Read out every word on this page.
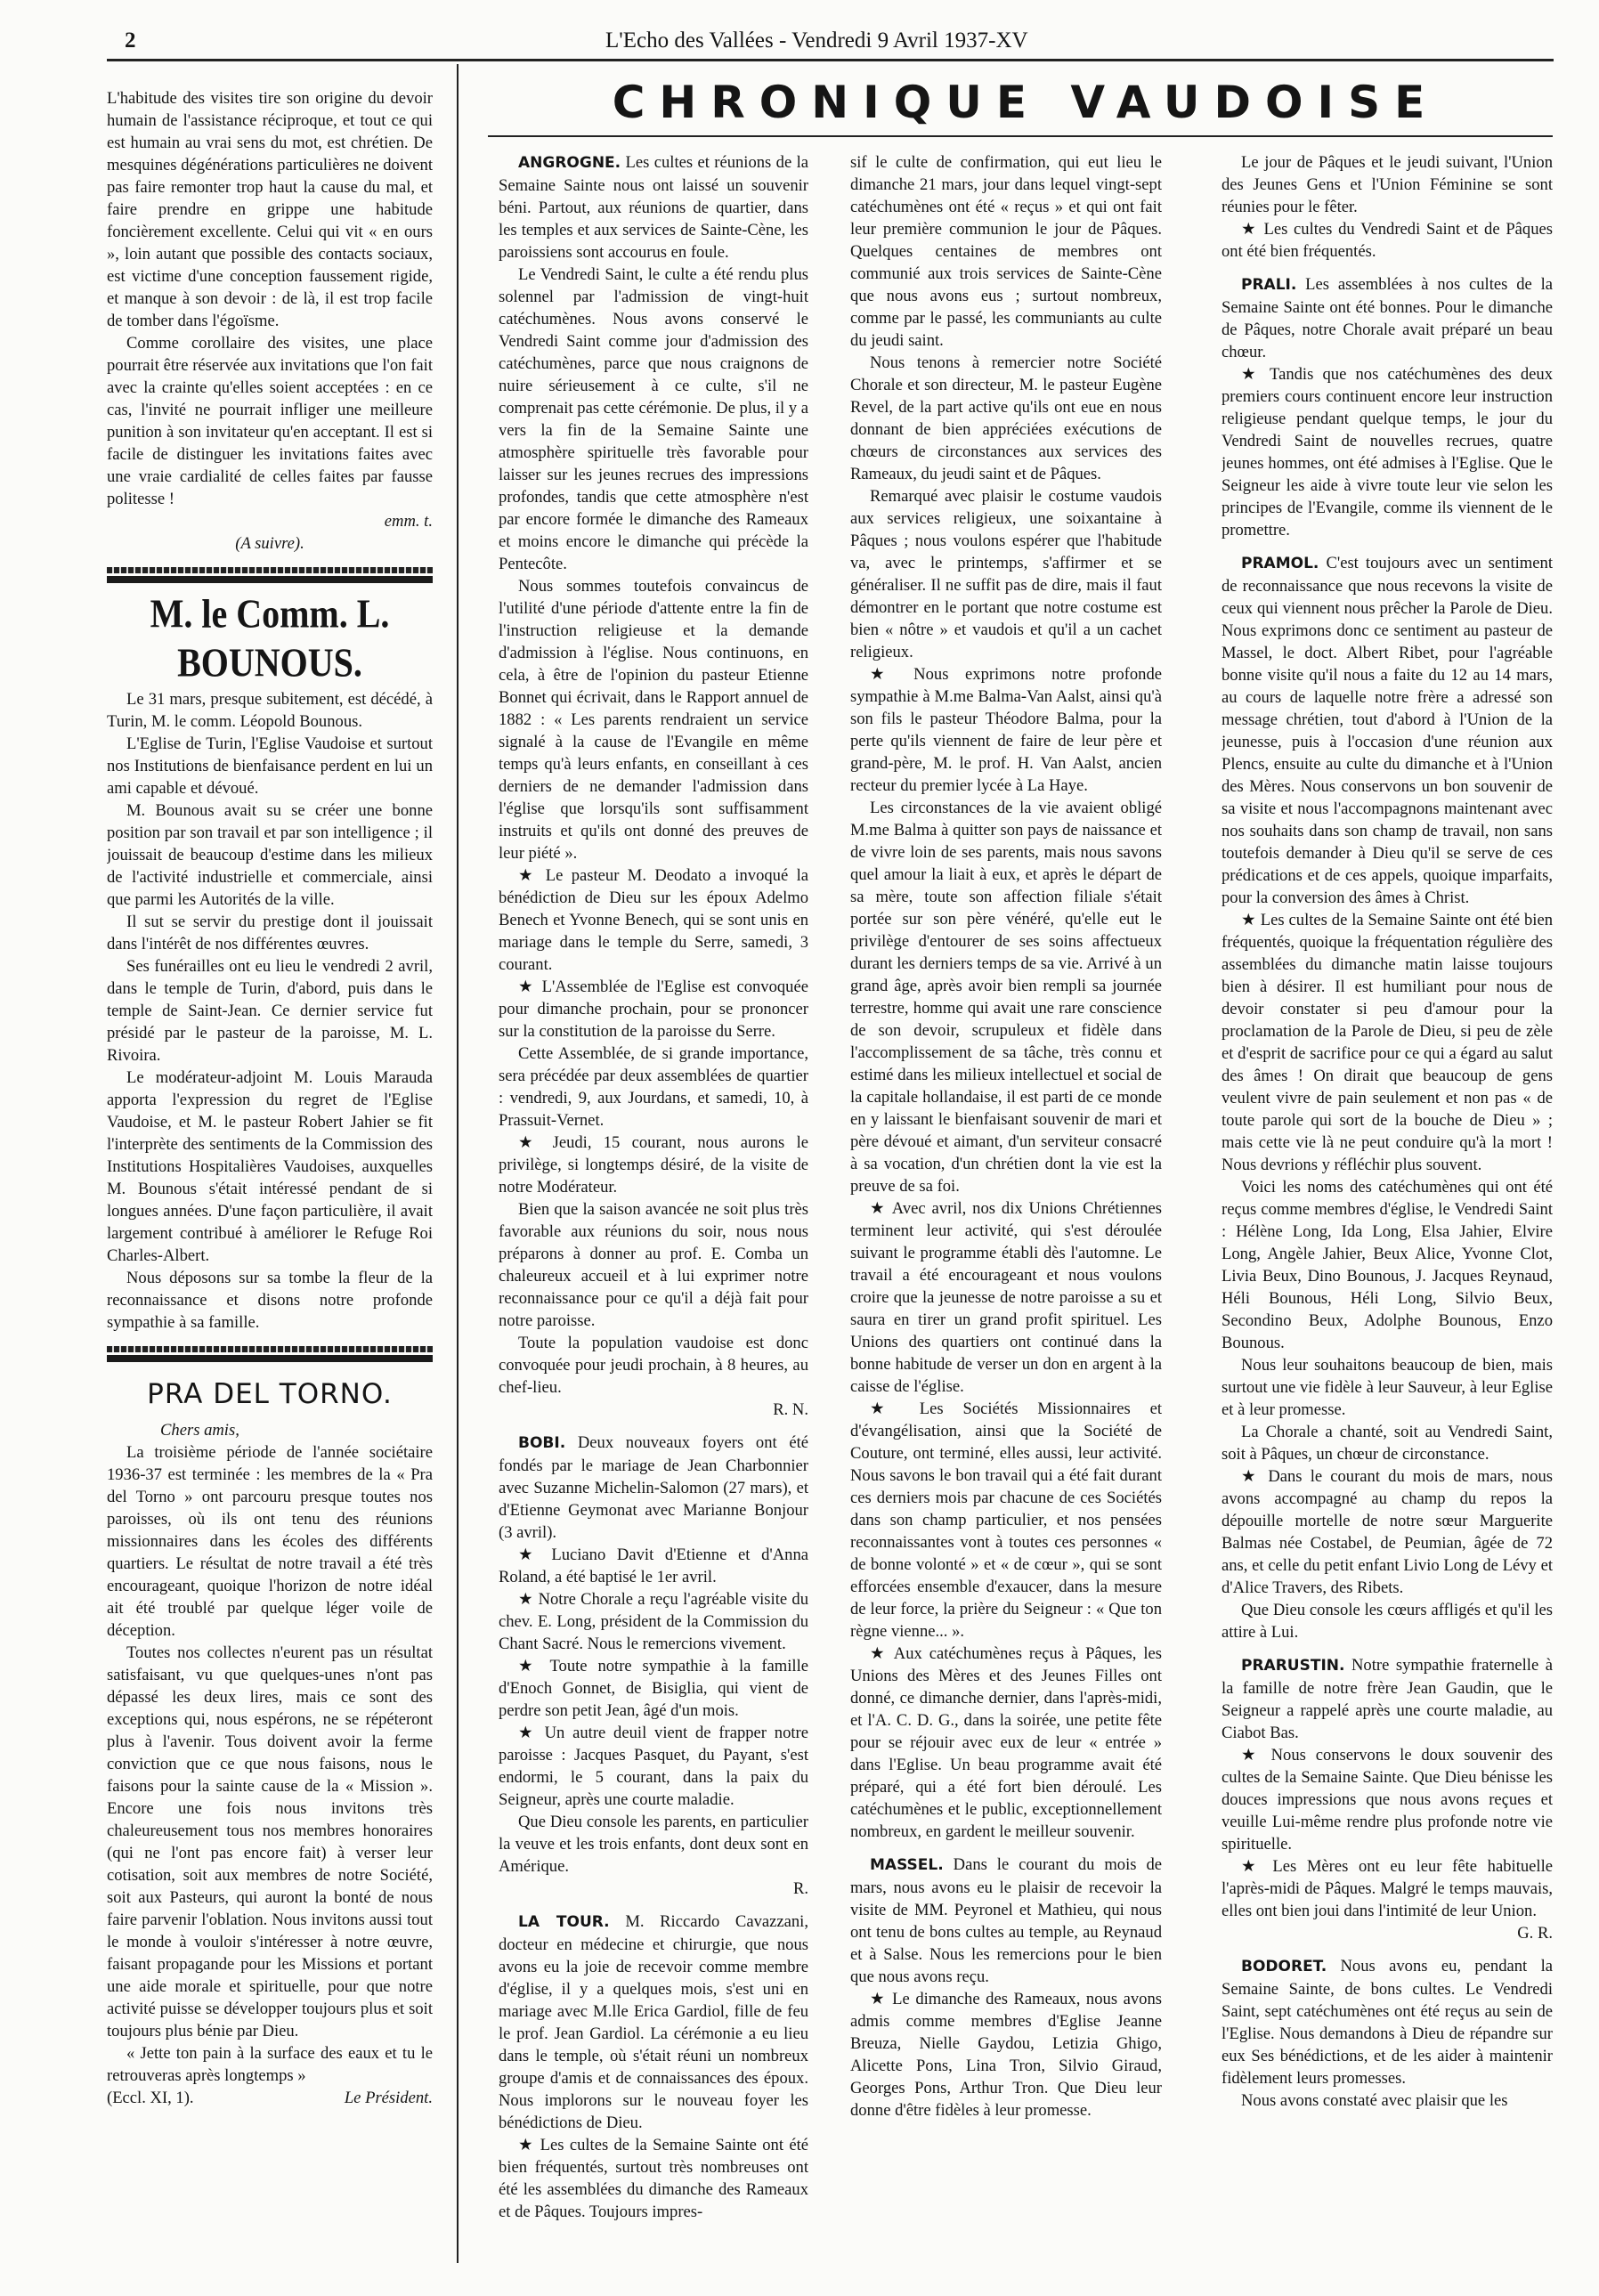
2	L'Echo des Vallées - Vendredi 9 Avril 1937-XV

L'habitude des visites tire son origine du devoir humain de l'assistance réciproque, et tout ce qui est humain au vrai sens du mot, est chrétien. De mesquines dégénérations particulières ne doivent pas faire remonter trop haut la cause du mal, et faire prendre en grippe une habitude foncièrement excellente. Celui qui vit « en ours », loin autant que possible des contacts sociaux, est victime d'une conception faussement rigide, et manque à son devoir : de là, il est trop facile de tomber dans l'égoïsme.

Comme corollaire des visites, une place pourrait être réservée aux invitations que l'on fait avec la crainte qu'elles soient acceptées : en ce cas, l'invité ne pourrait infliger une meilleure punition à son invitateur qu'en acceptant. Il est si facile de distinguer les invitations faites avec une vraie cardialité de celles faites par fausse politesse !

emm. t.
(A suivre).
M. le Comm. L. BOUNOUS.

Le 31 mars, presque subitement, est décédé, à Turin, M. le comm. Léopold Bounous.

L'Eglise de Turin, l'Eglise Vaudoise et surtout nos Institutions de bienfaisance perdent en lui un ami capable et dévoué.

M. Bounous avait su se créer une bonne position par son travail et par son intelligence ; il jouissait de beaucoup d'estime dans les milieux de l'activité industrielle et commerciale, ainsi que parmi les Autorités de la ville.

Il sut se servir du prestige dont il jouissait dans l'intérêt de nos différentes œuvres.

Ses funérailles ont eu lieu le vendredi 2 avril, dans le temple de Turin, d'abord, puis dans le temple de Saint-Jean. Ce dernier service fut présidé par le pasteur de la paroisse, M. L. Rivoira.

Le modérateur-adjoint M. Louis Marauda apporta l'expression du regret de l'Eglise Vaudoise, et M. le pasteur Robert Jahier se fit l'interprète des sentiments de la Commission des Institutions Hospitalières Vaudoises, auxquelles M. Bounous s'était intéressé pendant de si longues années. D'une façon particulière, il avait largement contribué à améliorer le Refuge Roi Charles-Albert.

Nous déposons sur sa tombe la fleur de la reconnaissance et disons notre profonde sympathie à sa famille.

PRA DEL TORNO.
Chers amis,

La troisième période de l'année sociétaire 1936-37 est terminée : les membres de la « Pra del Torno » ont parcouru presque toutes nos paroisses, où ils ont tenu des réunions missionnaires dans les écoles des différents quartiers. Le résultat de notre travail a été très encourageant, quoique l'horizon de notre idéal ait été troublé par quelque léger voile de déception.

Toutes nos collectes n'eurent pas un résultat satisfaisant, vu que quelques-unes n'ont pas dépassé les deux lires, mais ce sont des exceptions qui, nous espérons, ne se répéteront plus à l'avenir. Tous doivent avoir la ferme conviction que ce que nous faisons, nous le faisons pour la sainte cause de la « Mission ». Encore une fois nous invitons très chaleureusement tous nos membres honoraires (qui ne l'ont pas encore fait) à verser leur cotisation, soit aux membres de notre Société, soit aux Pasteurs, qui auront la bonté de nous faire parvenir l'oblation. Nous invitons aussi tout le monde à vouloir s'intéresser à notre œuvre, faisant propagande pour les Missions et portant une aide morale et spirituelle, pour que notre activité puisse se développer toujours plus et soit toujours plus bénie par Dieu.

« Jette ton pain à la surface des eaux et tu le retrouveras après longtemps »

(Eccl. XI, 1).	Le Président.
CHRONIQUE VAUDOISE

ANGROGNE. Les cultes et réunions de la Semaine Sainte nous ont laissé un souvenir béni. Partout, aux réunions de quartier, dans les temples et aux services de Sainte-Cène, les paroissiens sont accourus en foule.

Le Vendredi Saint, le culte a été rendu plus solennel par l'admission de vingt-huit catéchumènes. Nous avons conservé le Vendredi Saint comme jour d'admission des catéchumènes, parce que nous craignons de nuire sérieusement à ce culte, s'il ne comprenait pas cette cérémonie. De plus, il y a vers la fin de la Semaine Sainte une atmosphère spirituelle très favorable pour laisser sur les jeunes recrues des impressions profondes, tandis que cette atmosphère n'est par encore formée le dimanche des Rameaux et moins encore le dimanche qui précède la Pentecôte.

Nous sommes toutefois convaincus de l'utilité d'une période d'attente entre la fin de l'instruction religieuse et la demande d'admission à l'église. Nous continuons, en cela, à être de l'opinion du pasteur Etienne Bonnet qui écrivait, dans le Rapport annuel de 1882 : « Les parents rendraient un service signalé à la cause de l'Evangile en même temps qu'à leurs enfants, en conseillant à ces derniers de ne demander l'admission dans l'église que lorsqu'ils sont suffisamment instruits et qu'ils ont donné des preuves de leur piété ».

★ Le pasteur M. Deodato a invoqué la bénédiction de Dieu sur les époux Adelmo Benech et Yvonne Benech, qui se sont unis en mariage dans le temple du Serre, samedi, 3 courant.

★ L'Assemblée de l'Eglise est convoquée pour dimanche prochain, pour se prononcer sur la constitution de la paroisse du Serre.

Cette Assemblée, de si grande importance, sera précédée par deux assemblées de quartier : vendredi, 9, aux Jourdans, et samedi, 10, à Prassuit-Vernet.

★ Jeudi, 15 courant, nous aurons le privilège, si longtemps désiré, de la visite de notre Modérateur.

Bien que la saison avancée ne soit plus très favorable aux réunions du soir, nous nous préparons à donner au prof. E. Comba un chaleureux accueil et à lui exprimer notre reconnaissance pour ce qu'il a déjà fait pour notre paroisse.

Toute la population vaudoise est donc convoquée pour jeudi prochain, à 8 heures, au chef-lieu.

R. N.

BOBI. Deux nouveaux foyers ont été fondés par le mariage de Jean Charbonnier avec Suzanne Michelin-Salomon (27 mars), et d'Etienne Geymonat avec Marianne Bonjour (3 avril).

★ Luciano Davit d'Etienne et d'Anna Roland, a été baptisé le 1er avril.

★ Notre Chorale a reçu l'agréable visite du chev. E. Long, président de la Commission du Chant Sacré. Nous le remercions vivement.

★ Toute notre sympathie à la famille d'Enoch Gonnet, de Bisiglia, qui vient de perdre son petit Jean, âgé d'un mois.

★ Un autre deuil vient de frapper notre paroisse : Jacques Pasquet, du Payant, s'est endormi, le 5 courant, dans la paix du Seigneur, après une courte maladie.

Que Dieu console les parents, en particulier la veuve et les trois enfants, dont deux sont en Amérique.

R.

LA TOUR. M. Riccardo Cavazzani, docteur en médecine et chirurgie, que nous avons eu la joie de recevoir comme membre d'église, il y a quelques mois, s'est uni en mariage avec M.lle Erica Gardiol, fille de feu le prof. Jean Gardiol. La cérémonie a eu lieu dans le temple, où s'était réuni un nombreux groupe d'amis et de connaissances des époux. Nous implorons sur le nouveau foyer les bénédictions de Dieu.

★ Les cultes de la Semaine Sainte ont été bien fréquentés, surtout très nombreuses ont été les assemblées du dimanche des Rameaux et de Pâques. Toujours impres-

sif le culte de confirmation, qui eut lieu le dimanche 21 mars, jour dans lequel vingt-sept catéchumènes ont été « reçus » et qui ont fait leur première communion le jour de Pâques. Quelques centaines de membres ont communié aux trois services de Sainte-Cène que nous avons eus ; surtout nombreux, comme par le passé, les communiants au culte du jeudi saint.

Nous tenons à remercier notre Société Chorale et son directeur, M. le pasteur Eugène Revel, de la part active qu'ils ont eue en nous donnant de bien appréciées exécutions de chœurs de circonstances aux services des Rameaux, du jeudi saint et de Pâques.

Remarqué avec plaisir le costume vaudois aux services religieux, une soixantaine à Pâques ; nous voulons espérer que l'habitude va, avec le printemps, s'affirmer et se généraliser. Il ne suffit pas de dire, mais il faut démontrer en le portant que notre costume est bien « nôtre » et vaudois et qu'il a un cachet religieux.

★ Nous exprimons notre profonde sympathie à M.me Balma-Van Aalst, ainsi qu'à son fils le pasteur Théodore Balma, pour la perte qu'ils viennent de faire de leur père et grand-père, M. le prof. H. Van Aalst, ancien recteur du premier lycée à La Haye.

Les circonstances de la vie avaient obligé M.me Balma à quitter son pays de naissance et de vivre loin de ses parents, mais nous savons quel amour la liait à eux, et après le départ de sa mère, toute son affection filiale s'était portée sur son père vénéré, qu'elle eut le privilège d'entourer de ses soins affectueux durant les derniers temps de sa vie. Arrivé à un grand âge, après avoir bien rempli sa journée terrestre, homme qui avait une rare conscience de son devoir, scrupuleux et fidèle dans l'accomplissement de sa tâche, très connu et estimé dans les milieux intellectuel et social de la capitale hollandaise, il est parti de ce monde en y laissant le bienfaisant souvenir de mari et père dévoué et aimant, d'un serviteur consacré à sa vocation, d'un chrétien dont la vie est la preuve de sa foi.

★ Avec avril, nos dix Unions Chrétiennes terminent leur activité, qui s'est déroulée suivant le programme établi dès l'automne. Le travail a été encourageant et nous voulons croire que la jeunesse de notre paroisse a su et saura en tirer un grand profit spirituel. Les Unions des quartiers ont continué dans la bonne habitude de verser un don en argent à la caisse de l'église.

★ Les Sociétés Missionnaires et d'évangélisation, ainsi que la Société de Couture, ont terminé, elles aussi, leur activité. Nous savons le bon travail qui a été fait durant ces derniers mois par chacune de ces Sociétés dans son champ particulier, et nos pensées reconnaissantes vont à toutes ces personnes « de bonne volonté » et « de cœur », qui se sont efforcées ensemble d'exaucer, dans la mesure de leur force, la prière du Seigneur : « Que ton règne vienne... ».

★ Aux catéchumènes reçus à Pâques, les Unions des Mères et des Jeunes Filles ont donné, ce dimanche dernier, dans l'après-midi, et l'A. C. D. G., dans la soirée, une petite fête pour se réjouir avec eux de leur « entrée » dans l'Eglise. Un beau programme avait été préparé, qui a été fort bien déroulé. Les catéchumènes et le public, exceptionnellement nombreux, en gardent le meilleur souvenir.

MASSEL. Dans le courant du mois de mars, nous avons eu le plaisir de recevoir la visite de MM. Peyronel et Mathieu, qui nous ont tenu de bons cultes au temple, au Reynaud et à Salse. Nous les remercions pour le bien que nous avons reçu.

★ Le dimanche des Rameaux, nous avons admis comme membres d'Eglise Jeanne Breuza, Nielle Gaydou, Letizia Ghigo, Alicette Pons, Lina Tron, Silvio Giraud, Georges Pons, Arthur Tron. Que Dieu leur donne d'être fidèles à leur promesse.

Le jour de Pâques et le jeudi suivant, l'Union des Jeunes Gens et l'Union Féminine se sont réunies pour le fêter.

★ Les cultes du Vendredi Saint et de Pâques ont été bien fréquentés.

PRALI. Les assemblées à nos cultes de la Semaine Sainte ont été bonnes. Pour le dimanche de Pâques, notre Chorale avait préparé un beau chœur.

★ Tandis que nos catéchumènes des deux premiers cours continuent encore leur instruction religieuse pendant quelque temps, le jour du Vendredi Saint de nouvelles recrues, quatre jeunes hommes, ont été admises à l'Eglise. Que le Seigneur les aide à vivre toute leur vie selon les principes de l'Evangile, comme ils viennent de le promettre.

PRAMOL. C'est toujours avec un sentiment de reconnaissance que nous recevons la visite de ceux qui viennent nous prêcher la Parole de Dieu. Nous exprimons donc ce sentiment au pasteur de Massel, le doct. Albert Ribet, pour l'agréable bonne visite qu'il nous a faite du 12 au 14 mars, au cours de laquelle notre frère a adressé son message chrétien, tout d'abord à l'Union de la jeunesse, puis à l'occasion d'une réunion aux Plencs, ensuite au culte du dimanche et à l'Union des Mères. Nous conservons un bon souvenir de sa visite et nous l'accompagnons maintenant avec nos souhaits dans son champ de travail, non sans toutefois demander à Dieu qu'il se serve de ces prédications et de ces appels, quoique imparfaits, pour la conversion des âmes à Christ.

★ Les cultes de la Semaine Sainte ont été bien fréquentés, quoique la fréquentation régulière des assemblées du dimanche matin laisse toujours bien à désirer. Il est humiliant pour nous de devoir constater si peu d'amour pour la proclamation de la Parole de Dieu, si peu de zèle et d'esprit de sacrifice pour ce qui a égard au salut des âmes ! On dirait que beaucoup de gens veulent vivre de pain seulement et non pas « de toute parole qui sort de la bouche de Dieu » ; mais cette vie là ne peut conduire qu'à la mort ! Nous devrions y réfléchir plus souvent.

Voici les noms des catéchumènes qui ont été reçus comme membres d'église, le Vendredi Saint : Hélène Long, Ida Long, Elsa Jahier, Elvire Long, Angèle Jahier, Beux Alice, Yvonne Clot, Livia Beux, Dino Bounous, J. Jacques Reynaud, Héli Bounous, Héli Long, Silvio Beux, Secondino Beux, Adolphe Bounous, Enzo Bounous.

Nous leur souhaitons beaucoup de bien, mais surtout une vie fidèle à leur Sauveur, à leur Eglise et à leur promesse.

La Chorale a chanté, soit au Vendredi Saint, soit à Pâques, un chœur de circonstance.

★ Dans le courant du mois de mars, nous avons accompagné au champ du repos la dépouille mortelle de notre sœur Marguerite Balmas née Costabel, de Peumian, âgée de 72 ans, et celle du petit enfant Livio Long de Lévy et d'Alice Travers, des Ribets.

Que Dieu console les cœurs affligés et qu'il les attire à Lui.

PRARUSTIN. Notre sympathie fraternelle à la famille de notre frère Jean Gaudin, que le Seigneur a rappelé après une courte maladie, au Ciabot Bas.

★ Nous conservons le doux souvenir des cultes de la Semaine Sainte. Que Dieu bénisse les douces impressions que nous avons reçues et veuille Lui-même rendre plus profonde notre vie spirituelle.

★ Les Mères ont eu leur fête habituelle l'après-midi de Pâques. Malgré le temps mauvais, elles ont bien joui dans l'intimité de leur Union.

G. R.

BODORET. Nous avons eu, pendant la Semaine Sainte, de bons cultes. Le Vendredi Saint, sept catéchumènes ont été reçus au sein de l'Eglise. Nous demandons à Dieu de répandre sur eux Ses bénédictions, et de les aider à maintenir fidèlement leurs promesses.

Nous avons constaté avec plaisir que les
